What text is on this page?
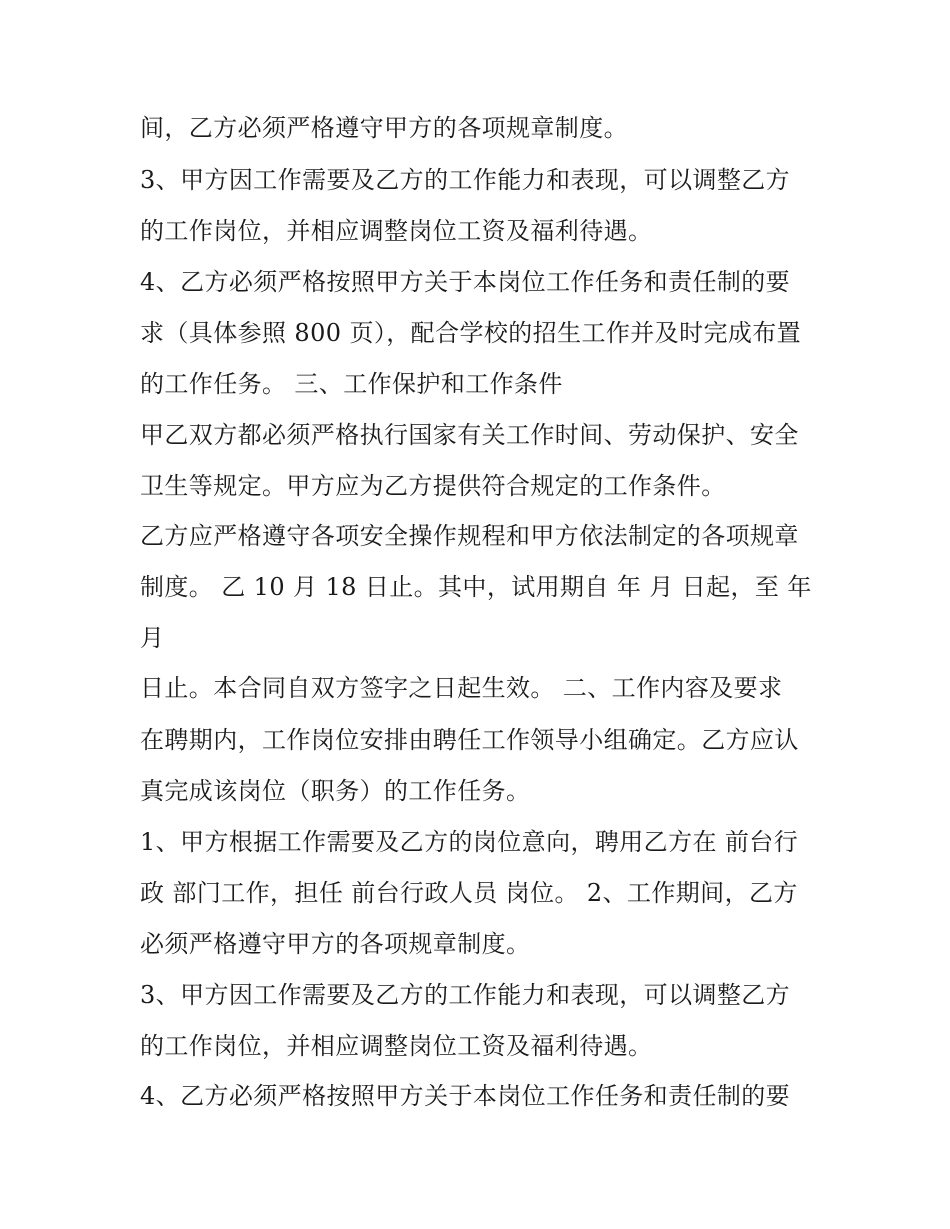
间，乙方必须严格遵守甲方的各项规章制度。

3、甲方因工作需要及乙方的工作能力和表现，可以调整乙方

的工作岗位，并相应调整岗位工资及福利待遇。

4、乙方必须严格按照甲方关于本岗位工作任务和责任制的要

求（具体参照 800 页），配合学校的招生工作并及时完成布置

的工作任务。 三、工作保护和工作条件

甲乙双方都必须严格执行国家有关工作时间、劳动保护、安全

卫生等规定。甲方应为乙方提供符合规定的工作条件。

乙方应严格遵守各项安全操作规程和甲方依法制定的各项规章

制度。 乙 10 月 18 日止。其中，试用期自 年 月 日起，至 年

月

日止。本合同自双方签字之日起生效。 二、工作内容及要求

在聘期内，工作岗位安排由聘任工作领导小组确定。乙方应认

真完成该岗位（职务）的工作任务。

1、甲方根据工作需要及乙方的岗位意向，聘用乙方在 前台行

政 部门工作，担任 前台行政人员 岗位。 2、工作期间，乙方

必须严格遵守甲方的各项规章制度。

3、甲方因工作需要及乙方的工作能力和表现，可以调整乙方

的工作岗位，并相应调整岗位工资及福利待遇。

4、乙方必须严格按照甲方关于本岗位工作任务和责任制的要
